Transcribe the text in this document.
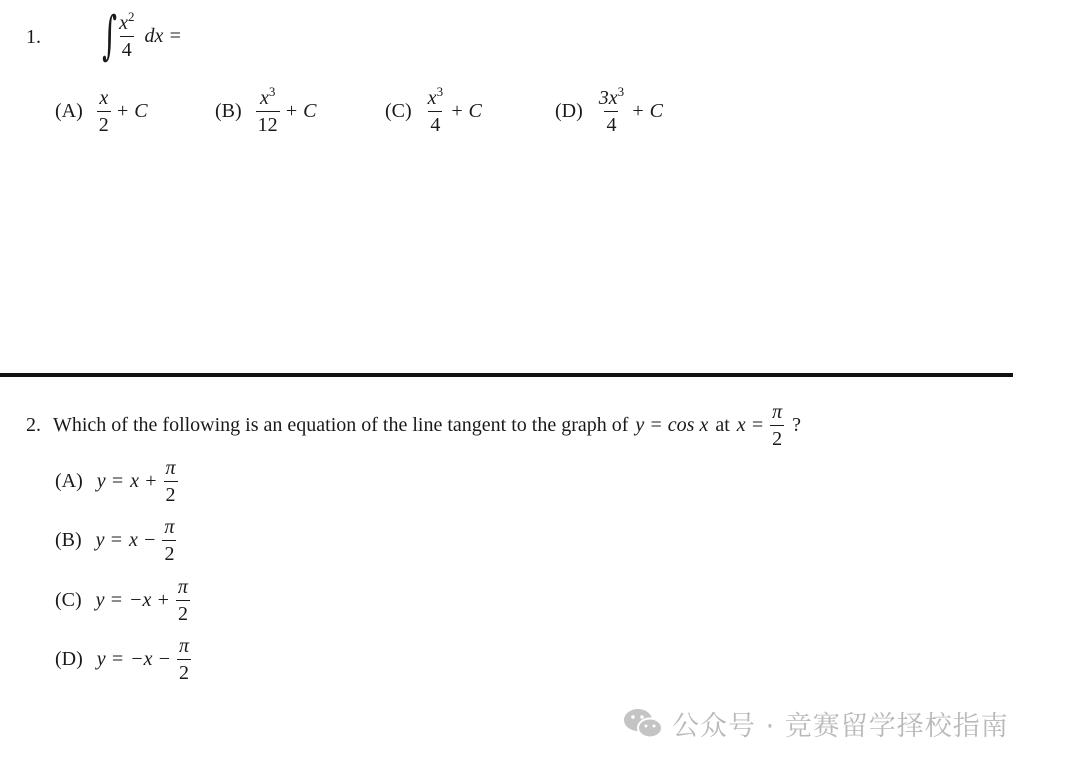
1. ∫ $\frac{x^2}{4}$ dx =
$(A) \frac{x}{2} + C$	$(B) \frac{x^3}{12} + C$	$(C) \frac{x^3}{4} + C$	$(D) \frac{3x^3}{4} + C$
2. Which of the following is an equation of the line tangent to the graph of y = cos x at $x = \frac{\pi}{2}$ ?
(A) $y = x + \frac{\pi}{2}$
(B) $y = x - \frac{\pi}{2}$
(C) $y = -x + \frac{\pi}{2}$
(D) $y = -x - \frac{\pi}{2}$
公众号 · 竞赛留学择校指南
